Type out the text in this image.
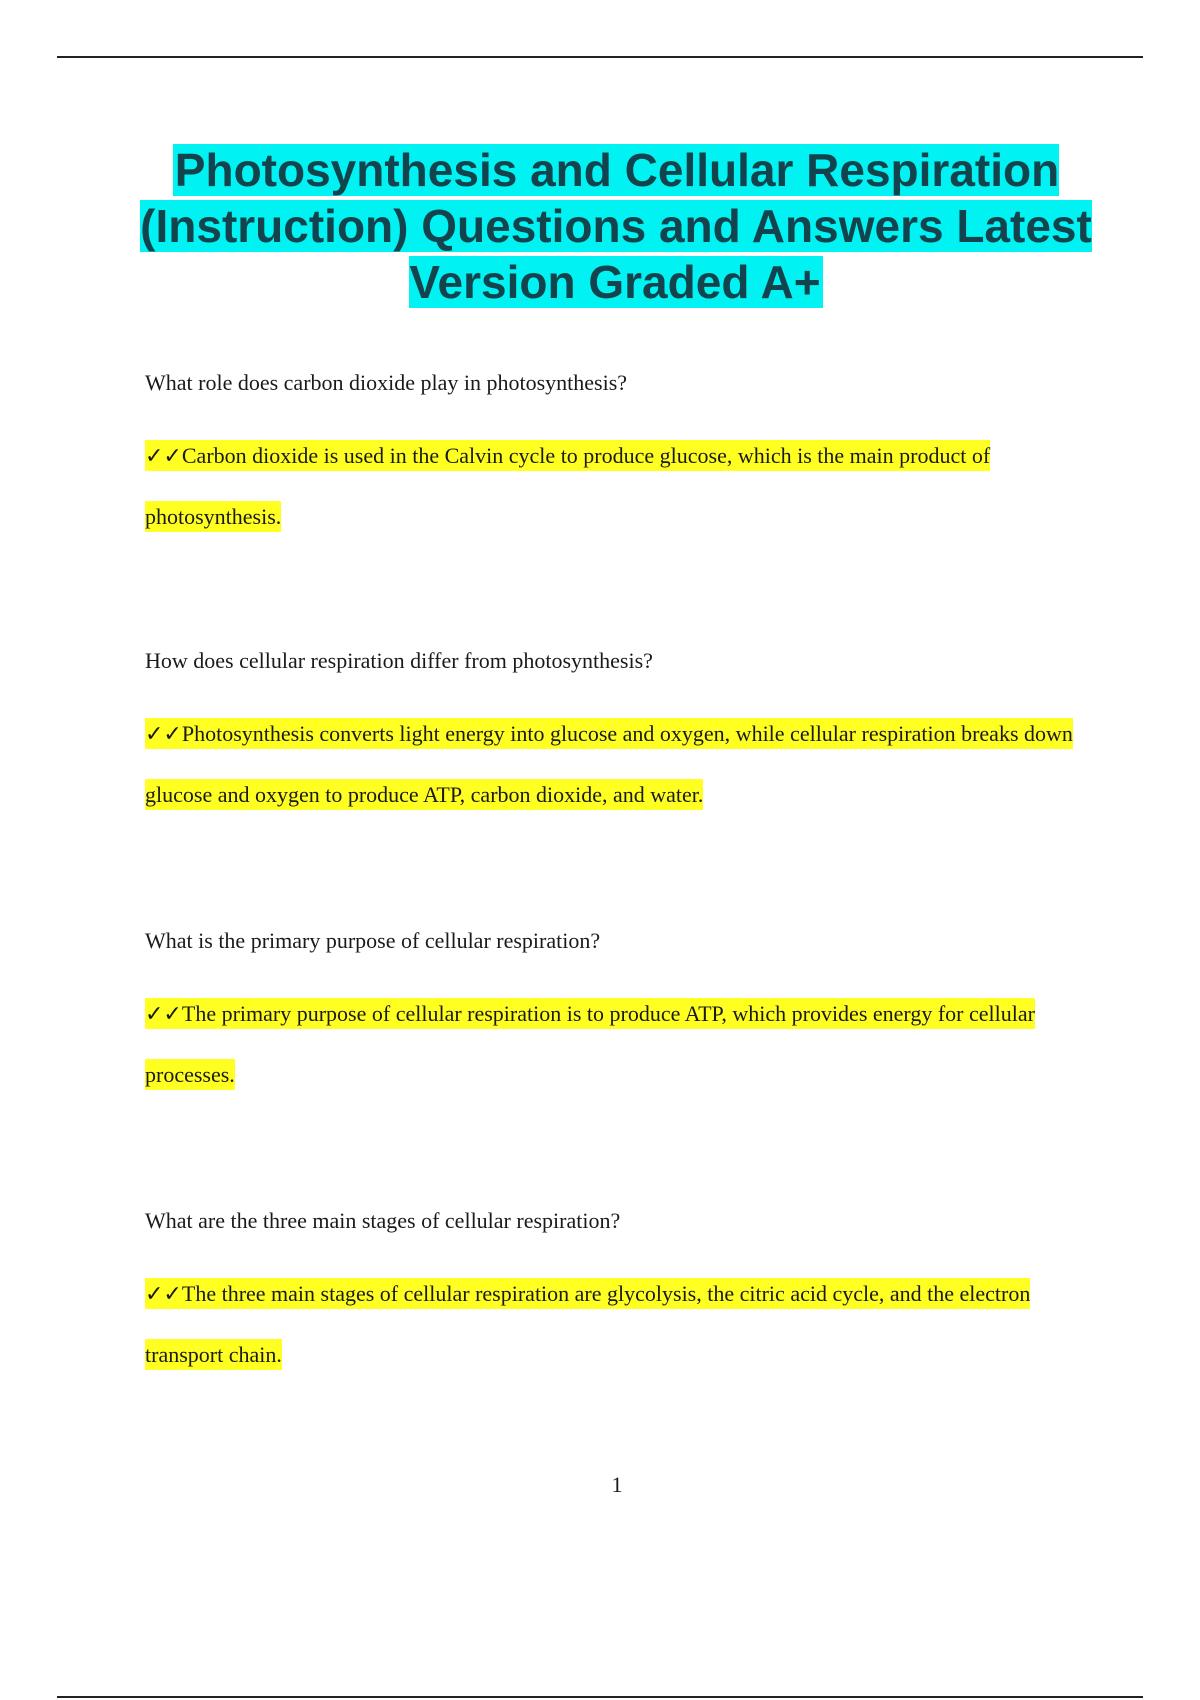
Photosynthesis and Cellular Respiration (Instruction) Questions and Answers Latest Version Graded A+

What role does carbon dioxide play in photosynthesis?

✓✓Carbon dioxide is used in the Calvin cycle to produce glucose, which is the main product of photosynthesis.

How does cellular respiration differ from photosynthesis?

✓✓Photosynthesis converts light energy into glucose and oxygen, while cellular respiration breaks down glucose and oxygen to produce ATP, carbon dioxide, and water.

What is the primary purpose of cellular respiration?

✓✓The primary purpose of cellular respiration is to produce ATP, which provides energy for cellular processes.

What are the three main stages of cellular respiration?

✓✓The three main stages of cellular respiration are glycolysis, the citric acid cycle, and the electron transport chain.

1
